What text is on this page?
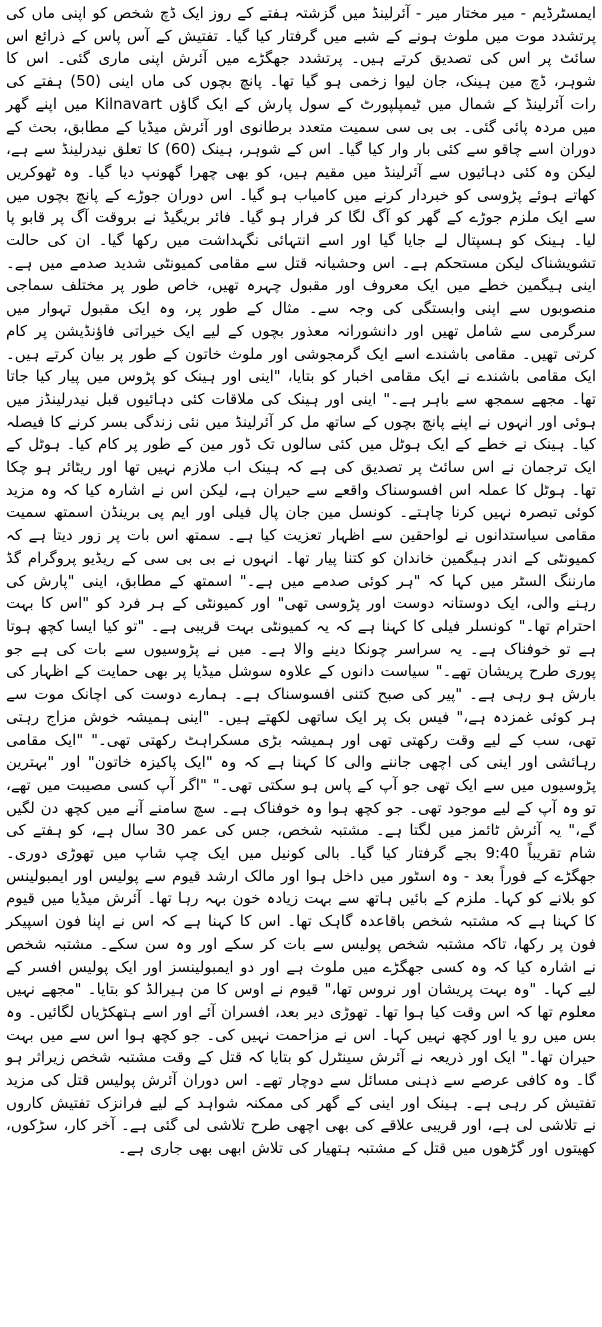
ایمسٹرڈیم - میر مختار میر - آئرلینڈ میں گزشتہ ہفتے کے روز ایک ڈچ شخص کو اپنی ماں کی پرتشدد موت میں ملوث ہونے کے شبے میں گرفتار کیا گیا۔ تفتیش کے آس پاس کے ذرائع اس سائٹ پر اس کی تصدیق کرتے ہیں۔ پرتشدد جھگڑے میں آئرش اپنی ماری گئی۔ اس کا شوہر، ڈچ مین ہینک، جان لیوا زخمی ہو گیا تھا۔ پانچ بچوں کی ماں اینی (50) ہفتے کی رات آئرلینڈ کے شمال میں ٹیمپلپورٹ کے سول پارش کے ایک گاؤں Kilnavart میں اپنے گھر میں مردہ پائی گئی۔ بی بی سی سمیت متعدد برطانوی اور آئرش میڈیا کے مطابق، بحث کے دوران اسے چاقو سے کئی بار وار کیا گیا۔ اس کے شوہر، ہینک (60) کا تعلق نیدرلینڈ سے ہے، لیکن وہ کئی دہائیوں سے آئرلینڈ میں مقیم ہیں، کو بھی چھرا گھونپ دیا گیا۔ وہ ٹھوکریں کھاتے ہوئے پڑوسی کو خبردار کرنے میں کامیاب ہو گیا۔ اس دوران جوڑے کے پانچ بچوں میں سے ایک ملزم جوڑے کے گھر کو آگ لگا کر فرار ہو گیا۔ فائر بریگیڈ نے بروقت آگ پر قابو پا لیا۔ ہینک کو ہسپتال لے جایا گیا اور اسے انتہائی نگہداشت میں رکھا گیا۔ ان کی حالت تشویشناک لیکن مستحکم ہے۔ اس وحشیانہ قتل سے مقامی کمیونٹی شدید صدمے میں ہے۔ اینی ہیگمین خطے میں ایک معروف اور مقبول چہرہ تھیں، خاص طور پر مختلف سماجی منصوبوں سے اپنی وابستگی کی وجہ سے۔ مثال کے طور پر، وہ ایک مقبول تہوار میں سرگرمی سے شامل تھیں اور دانشورانہ معذور بچوں کے لیے ایک خیراتی فاؤنڈیشن پر کام کرتی تھیں۔ مقامی باشندے اسے ایک گرمجوشی اور ملوث خاتون کے طور پر بیان کرتے ہیں۔ ایک مقامی باشندے نے ایک مقامی اخبار کو بتایا، "اینی اور ہینک کو پڑوس میں پیار کیا جاتا تھا۔ مجھے سمجھ سے باہر ہے۔" اینی اور ہینک کی ملاقات کئی دہائیوں قبل نیدرلینڈز میں ہوئی اور انہوں نے اپنے پانچ بچوں کے ساتھ مل کر آئرلینڈ میں نئی زندگی بسر کرنے کا فیصلہ کیا۔ ہینک نے خطے کے ایک ہوٹل میں کئی سالوں تک ڈور مین کے طور پر کام کیا۔ ہوٹل کے ایک ترجمان نے اس سائٹ پر تصدیق کی ہے کہ ہینک اب ملازم نہیں تھا اور ریٹائر ہو چکا تھا۔ ہوٹل کا عملہ اس افسوسناک واقعے سے حیران ہے، لیکن اس نے اشارہ کیا کہ وہ مزید کوئی تبصرہ نہیں کرنا چاہتے۔ کونسل مین جان پال فیلی اور ایم پی برینڈن اسمتھ سمیت مقامی سیاستدانوں نے لواحقین سے اظہار تعزیت کیا ہے۔ سمتھ اس بات پر زور دیتا ہے کہ کمیونٹی کے اندر ہیگمین خاندان کو کتنا پیار تھا۔ انہوں نے بی بی سی کے ریڈیو پروگرام گڈ مارننگ السٹر میں کہا کہ "ہر کوئی صدمے میں ہے۔" اسمتھ کے مطابق، اینی "پارش کی رہنے والی، ایک دوستانہ دوست اور پڑوسی تھی" اور کمیونٹی کے ہر فرد کو "اس کا بہت احترام تھا۔" کونسلر فیلی کا کہنا ہے کہ یہ کمیونٹی بہت قریبی ہے۔ "تو کیا ایسا کچھ ہوتا ہے تو خوفناک ہے۔ یہ سراسر چونکا دینے والا ہے۔ میں نے پڑوسیوں سے بات کی ہے جو پوری طرح پریشان تھے۔" سیاست دانوں کے علاوہ سوشل میڈیا پر بھی حمایت کے اظہار کی بارش ہو رہی ہے۔ "پیر کی صبح کتنی افسوسناک ہے۔ ہمارے دوست کی اچانک موت سے ہر کوئی غمزدہ ہے،" فیس بک پر ایک ساتھی لکھتے ہیں۔ "اینی ہمیشہ خوش مزاج رہتی تھی، سب کے لیے وقت رکھتی تھی اور ہمیشہ بڑی مسکراہٹ رکھتی تھی۔" "ایک مقامی رہائشی اور اینی کی اچھی جاننے والی کا کہنا ہے کہ وہ "ایک پاکیزہ خاتون" اور "بہترین پڑوسیوں میں سے ایک تھی جو آپ کے پاس ہو سکتی تھی۔" "اگر آپ کسی مصیبت میں تھے، تو وہ آپ کے لیے موجود تھی۔ جو کچھ ہوا وہ خوفناک ہے۔ سچ سامنے آنے میں کچھ دن لگیں گے،" یہ آئرش ٹائمز میں لگتا ہے۔ مشتبہ شخص، جس کی عمر 30 سال ہے، کو ہفتے کی شام تقریباً 9:40 بجے گرفتار کیا گیا۔ بالی کونیل میں ایک چپ شاپ میں تھوڑی دوری۔ جھگڑے کے فوراً بعد - وہ اسٹور میں داخل ہوا اور مالک ارشد قیوم سے پولیس اور ایمبولینس کو بلانے کو کہا۔ ملزم کے بائیں ہاتھ سے بہت زیادہ خون بہہ رہا تھا۔ آئرش میڈیا میں قیوم کا کہنا ہے کہ مشتبہ شخص باقاعدہ گاہک تھا۔ اس کا کہنا ہے کہ اس نے اپنا فون اسپیکر فون پر رکھا، تاکہ مشتبہ شخص پولیس سے بات کر سکے اور وہ سن سکے۔ مشتبہ شخص نے اشارہ کیا کہ وہ کسی جھگڑے میں ملوث ہے اور دو ایمبولینسز اور ایک پولیس افسر کے لیے کہا۔ "وہ بہت پریشان اور نروس تھا،" قیوم نے اوس کا من ہیرالڈ کو بتایا۔ "مجھے نہیں معلوم تھا کہ اس وقت کیا ہوا تھا۔ تھوڑی دیر بعد، افسران آئے اور اسے ہتھکڑیاں لگائیں۔ وہ بس میں رو یا اور کچھ نہیں کہا۔ اس نے مزاحمت نہیں کی۔ جو کچھ ہوا اس سے میں بہت حیران تھا۔" ایک اور ذریعہ نے آئرش سینٹرل کو بتایا کہ قتل کے وقت مشتبہ شخص زیراثر ہو گا۔ وہ کافی عرصے سے ذہنی مسائل سے دوچار تھے۔ اس دوران آئرش پولیس قتل کی مزید تفتیش کر رہی ہے۔ ہینک اور اینی کے گھر کی ممکنہ شواہد کے لیے فرانزک تفتیش کاروں نے تلاشی لی ہے، اور قریبی علاقے کی بھی اچھی طرح تلاشی لی گئی ہے۔ آخر کار، سڑکوں، کھیتوں اور گڑھوں میں قتل کے مشتبہ ہتھیار کی تلاش ابھی بھی جاری ہے۔
